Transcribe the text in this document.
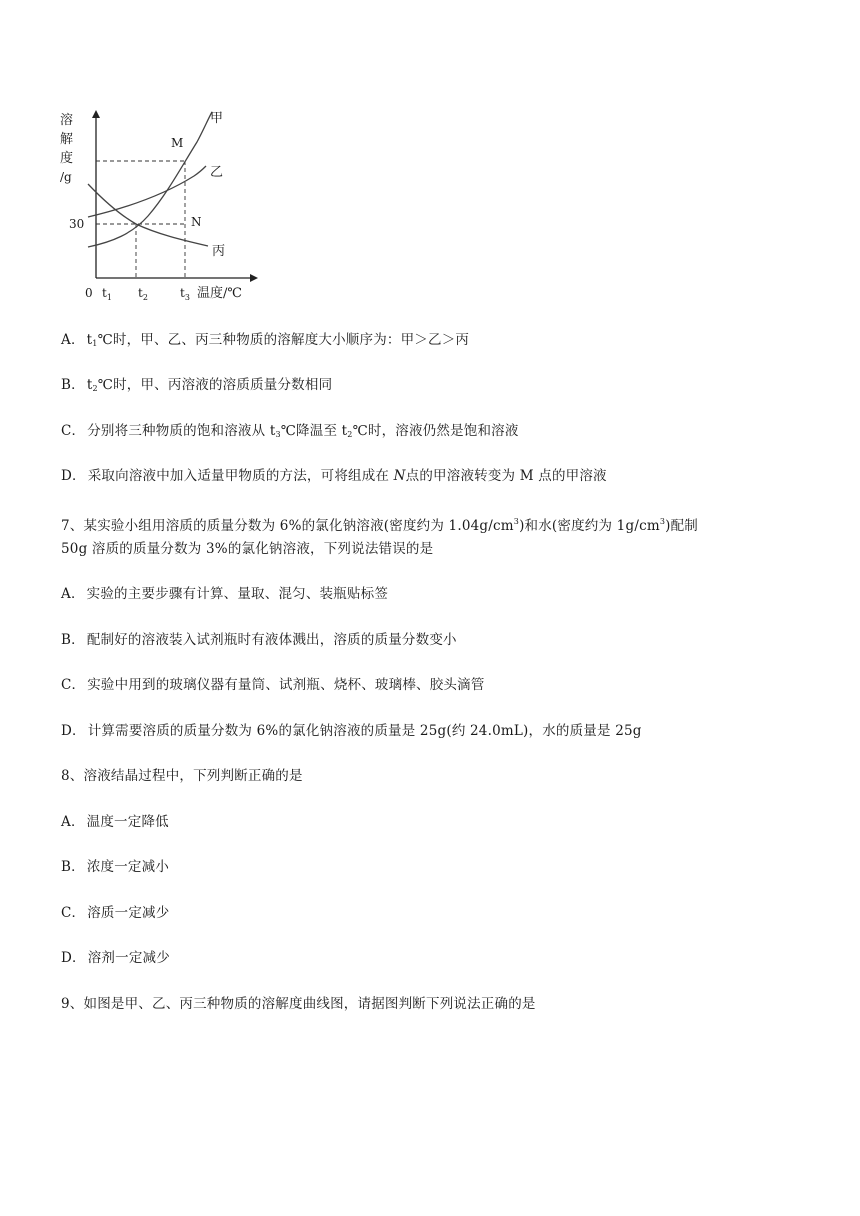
溶
解
度
/g
30
0 $t_1$ $t_2$	$t_3$ 温度/℃
甲
乙
丙
M
N
A． $t_1℃$时，甲、乙、丙三种物质的溶解度大小顺序为：甲＞乙＞丙
B． $t_2℃$时，甲、丙溶液的溶质质量分数相同
C． 分别将三种物质的饱和溶液从 $t_3℃$降温至 $t_2℃$时，溶液仍然是饱和溶液
D． 采取向溶液中加入适量甲物质的方法，可将组成在 N点的甲溶液转变为 M 点的甲溶液
7、某实验小组用溶质的质量分数为 6%的氯化钠溶液(密度约为 $1.04g/cm^3$)和水(密度约为 $1g/cm^3$)配制
50g 溶质的质量分数为 3%的氯化钠溶液，下列说法错误的是
A． 实验的主要步骤有计算、量取、混匀、装瓶贴标签
B． 配制好的溶液装入试剂瓶时有液体溅出，溶质的质量分数变小
C． 实验中用到的玻璃仪器有量筒、试剂瓶、烧杯、玻璃棒、胶头滴管
D． 计算需要溶质的质量分数为 6%的氯化钠溶液的质量是 25g(约 24.0mL)，水的质量是 25g
8、溶液结晶过程中，下列判断正确的是
A． 温度一定降低
B． 浓度一定减小
C． 溶质一定减少
D． 溶剂一定减少
9、如图是甲、乙、丙三种物质的溶解度曲线图，请据图判断下列说法正确的是
